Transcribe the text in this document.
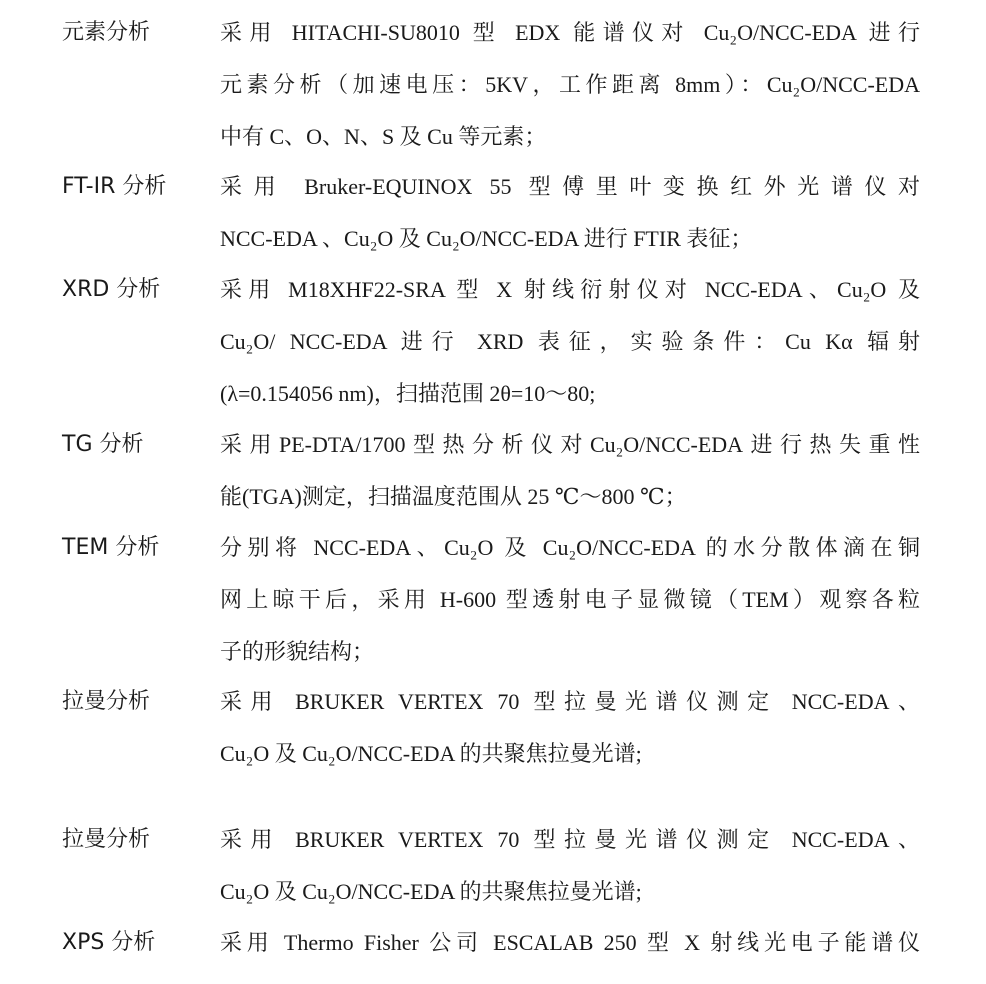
元素分析	采用 HITACHI-SU8010 型 EDX 能谱仪对 Cu₂O/NCC-EDA 进行
元素分析（加速电压：5KV，工作距离 8mm）：Cu₂O/NCC-EDA
中有 C、O、N、S 及 Cu 等元素；
FT-IR 分析	采用 Bruker-EQUINOX 55 型傅里叶变换红外光谱仪对
NCC-EDA 、Cu₂O 及 Cu₂O/NCC-EDA 进行 FTIR 表征；
XRD 分析	采用 M18XHF22-SRA 型 X 射线衍射仪对 NCC-EDA、Cu₂O 及
Cu₂O/ NCC-EDA 进行 XRD 表征，实验条件：Cu Kα 辐射
(λ=0.154056 nm)，扫描范围 2θ=10～80;
TG 分析	采用PE-DTA/1700型热分析仪对Cu₂O/NCC-EDA进行热失重性
能(TGA)测定，扫描温度范围从 25 ℃～800 ℃；
TEM 分析	分别将 NCC-EDA、Cu₂O 及 Cu₂O/NCC-EDA 的水分散体滴在铜
网上晾干后，采用 H-600 型透射电子显微镜（TEM）观察各粒
子的形貌结构；
拉曼分析	采用 BRUKER VERTEX 70 型拉曼光谱仪测定 NCC-EDA、
Cu₂O 及 Cu₂O/NCC-EDA 的共聚焦拉曼光谱;
拉曼分析	采用 BRUKER VERTEX 70 型拉曼光谱仪测定 NCC-EDA、
Cu₂O 及 Cu₂O/NCC-EDA 的共聚焦拉曼光谱;
XPS 分析	采用 Thermo Fisher 公司 ESCALAB 250 型 X 射线光电子能谱仪
